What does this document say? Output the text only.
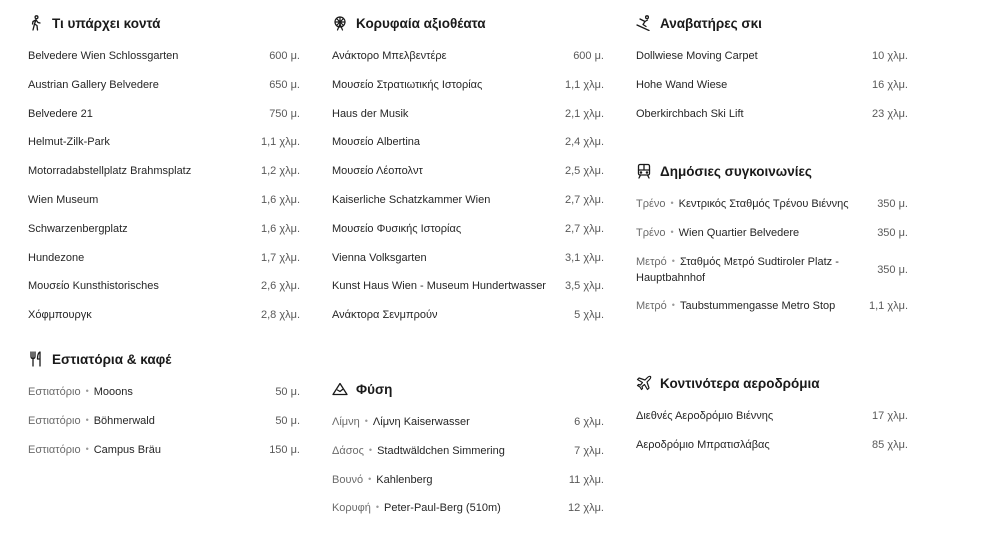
Τι υπάρχει κοντά
Belvedere Wien Schlossgarten	600 μ.
Austrian Gallery Belvedere	650 μ.
Belvedere 21	750 μ.
Helmut-Zilk-Park	1,1 χλμ.
Motorradabstellplatz Brahmsplatz	1,2 χλμ.
Wien Museum	1,6 χλμ.
Schwarzenbergplatz	1,6 χλμ.
Hundezone	1,7 χλμ.
Μουσείο Kunsthistorisches	2,6 χλμ.
Χόφμπουργκ	2,8 χλμ.
Εστιατόρια & καφέ
Εστιατόριο • Mooons	50 μ.
Εστιατόριο • Böhmerwald	50 μ.
Εστιατόριο • Campus Bräu	150 μ.
Κορυφαία αξιοθέατα
Ανάκτορο Μπελβεντέρε	600 μ.
Μουσείο Στρατιωτικής Ιστορίας	1,1 χλμ.
Haus der Musik	2,1 χλμ.
Μουσείο Albertina	2,4 χλμ.
Μουσείο Λέοπολντ	2,5 χλμ.
Kaiserliche Schatzkammer Wien	2,7 χλμ.
Μουσείο Φυσικής Ιστορίας	2,7 χλμ.
Vienna Volksgarten	3,1 χλμ.
Kunst Haus Wien - Museum Hundertwasser	3,5 χλμ.
Ανάκτορα Σενμπρούν	5 χλμ.
Φύση
Λίμνη • Λίμνη Kaiserwasser	6 χλμ.
Δάσος • Stadtwäldchen Simmering	7 χλμ.
Βουνό • Kahlenberg	11 χλμ.
Κορυφή • Peter-Paul-Berg (510m)	12 χλμ.
Αναβατήρες σκι
Dollwiese Moving Carpet	10 χλμ.
Hohe Wand Wiese	16 χλμ.
Oberkirchbach Ski Lift	23 χλμ.
Δημόσιες συγκοινωνίες
Τρένο • Κεντρικός Σταθμός Τρένου Βιέννης	350 μ.
Τρένο • Wien Quartier Belvedere	350 μ.
Μετρό • Σταθμός Μετρό Sudtiroler Platz - Hauptbahnhof
350 μ.
Μετρό • Taubstummengasse Metro Stop	1,1 χλμ.
Κοντινότερα αεροδρόμια
Διεθνές Αεροδρόμιο Βιέννης	17 χλμ.
Αεροδρόμιο Μπρατισλάβας	85 χλμ.
